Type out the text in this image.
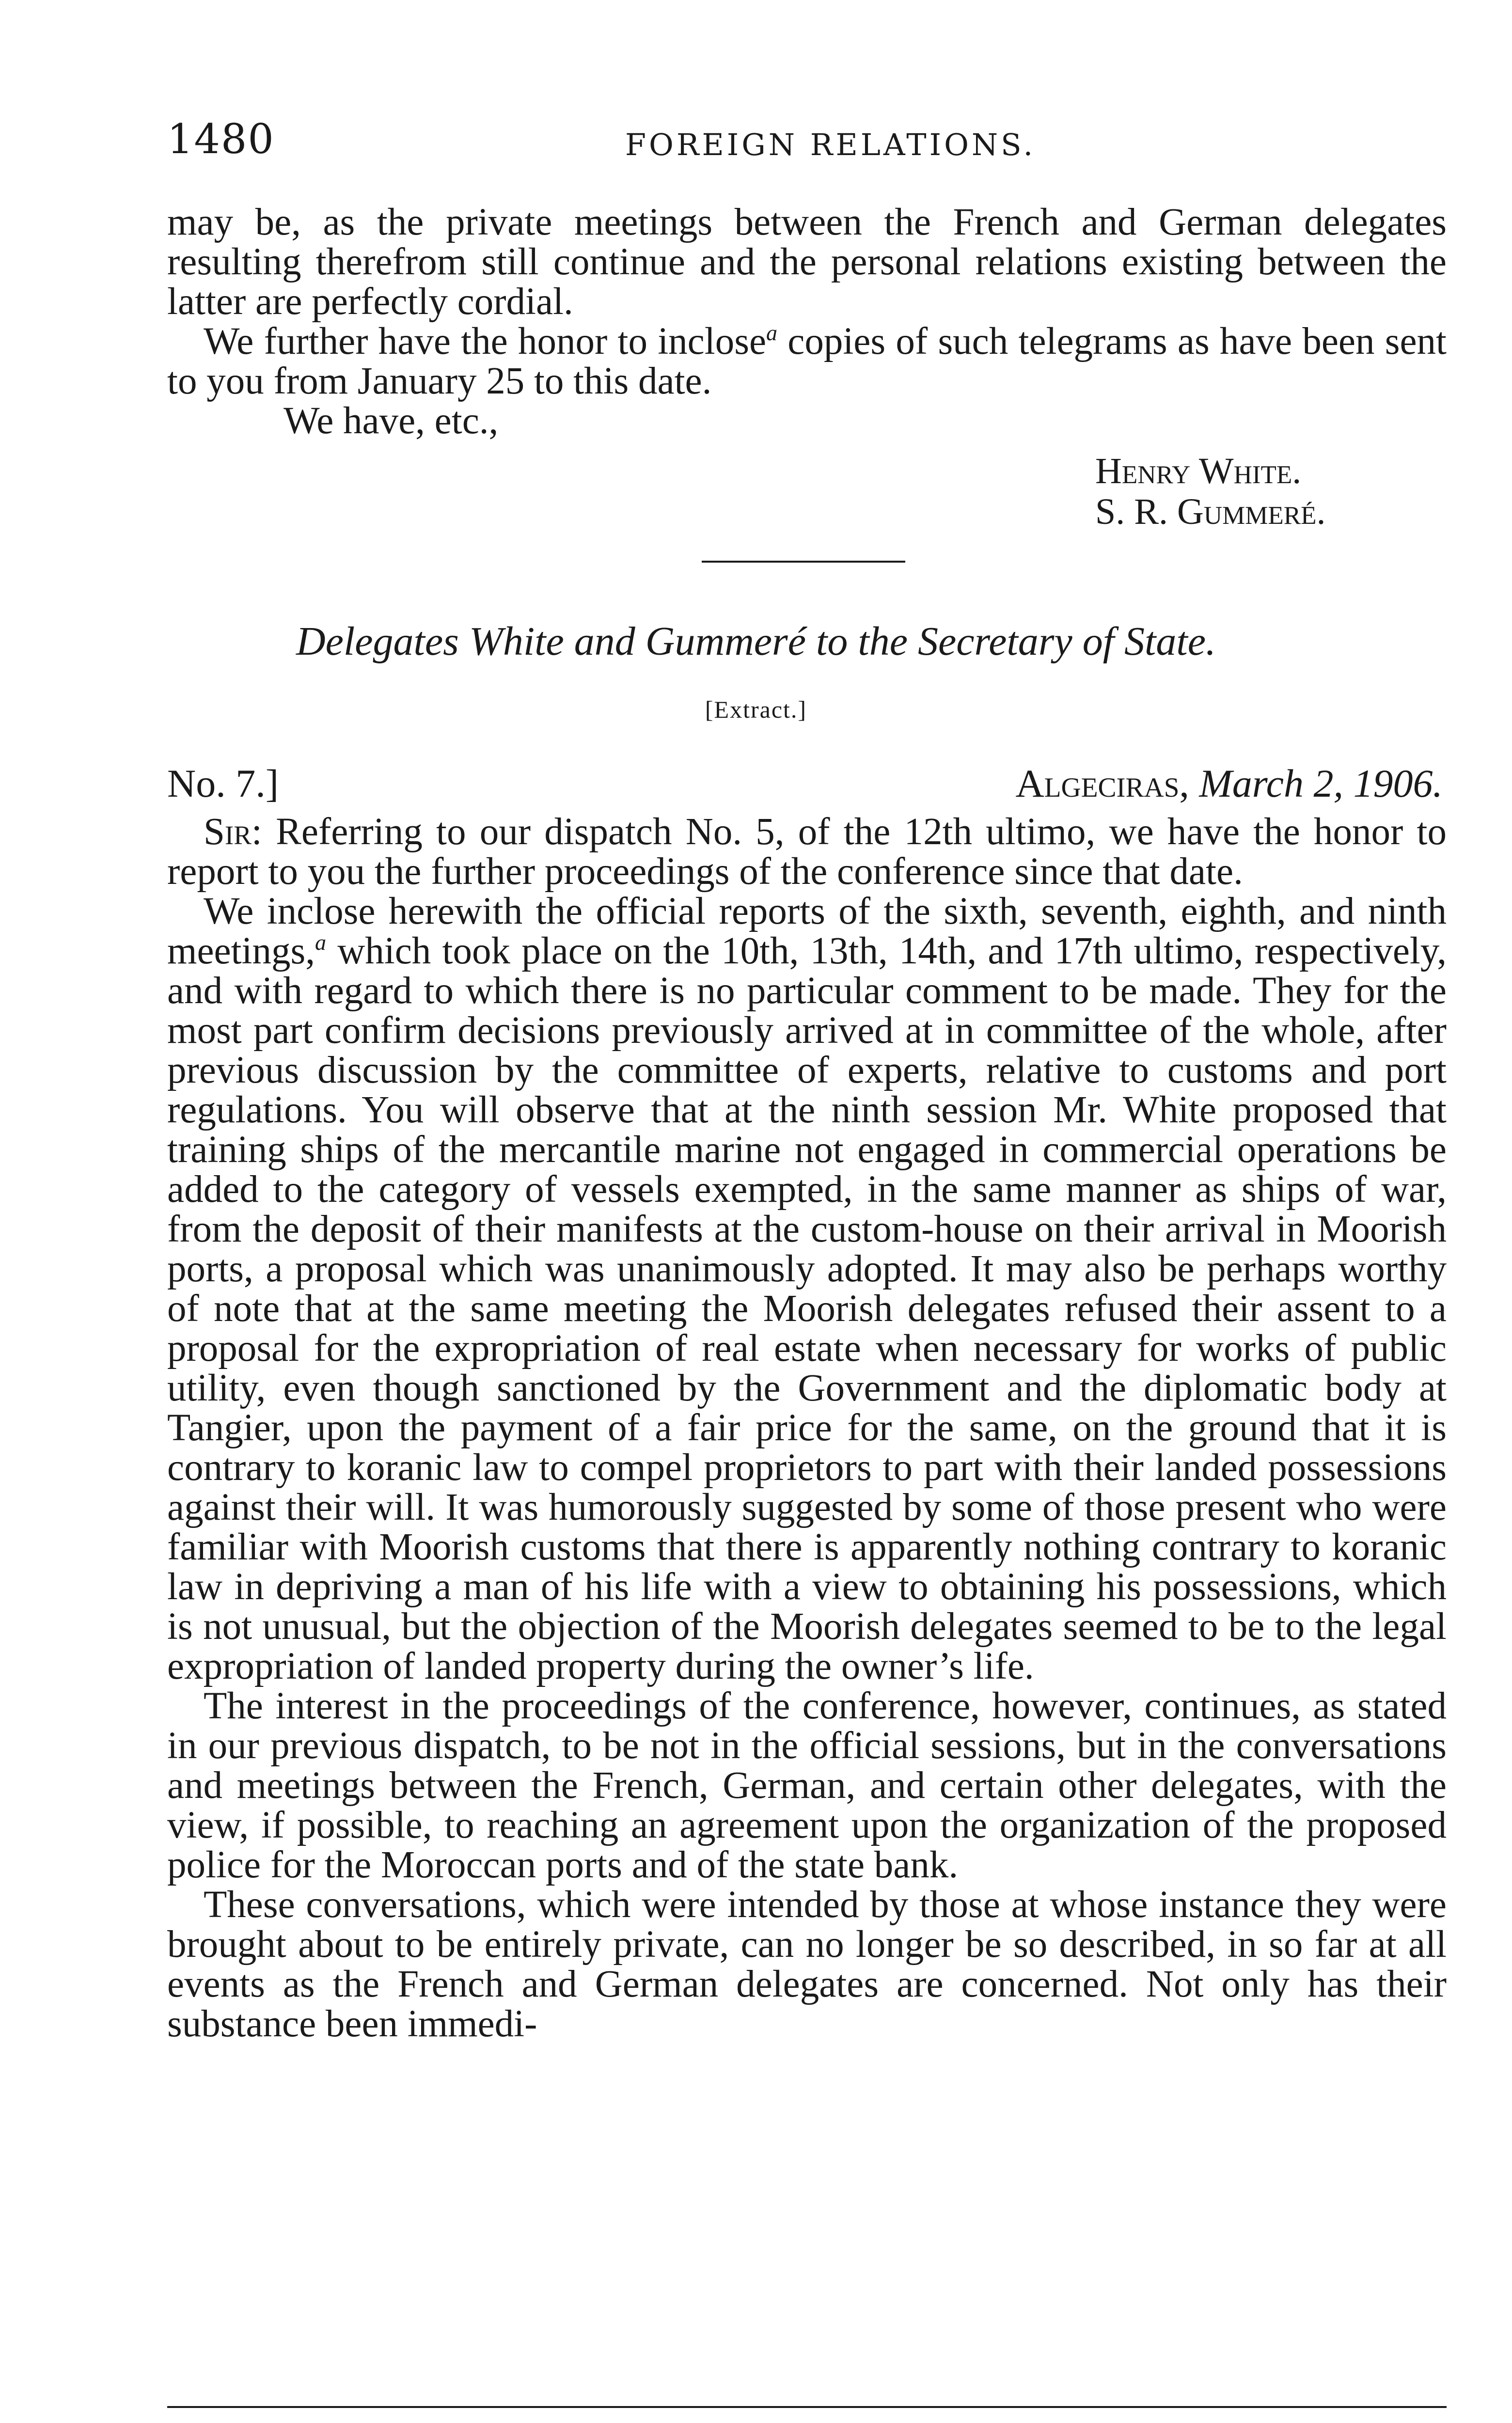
1480	FOREIGN RELATIONS.

may be, as the private meetings between the French and German delegates resulting therefrom still continue and the personal relations existing between the latter are perfectly cordial.

We further have the honor to inclose$^a$ copies of such telegrams as have been sent to you from January 25 to this date.

We have, etc.,

Henry White.
S. R. Gummeré.
Delegates White and Gummeré to the Secretary of State.
[Extract.]
No. 7.]	Algeciras, March 2, 1906.

Sir: Referring to our dispatch No. 5, of the 12th ultimo, we have the honor to report to you the further proceedings of the conference since that date.

We inclose herewith the official reports of the sixth, seventh, eighth, and ninth meetings,$^a$ which took place on the 10th, 13th, 14th, and 17th ultimo, respectively, and with regard to which there is no particular comment to be made. They for the most part confirm decisions previously arrived at in committee of the whole, after previous discussion by the committee of experts, relative to customs and port regulations. You will observe that at the ninth session Mr. White proposed that training ships of the mercantile marine not engaged in commercial operations be added to the category of vessels exempted, in the same manner as ships of war, from the deposit of their manifests at the custom-house on their arrival in Moorish ports, a proposal which was unanimously adopted. It may also be perhaps worthy of note that at the same meeting the Moorish delegates refused their assent to a proposal for the expropriation of real estate when necessary for works of public utility, even though sanctioned by the Government and the diplomatic body at Tangier, upon the payment of a fair price for the same, on the ground that it is contrary to koranic law to compel proprietors to part with their landed possessions against their will. It was humorously suggested by some of those present who were familiar with Moorish customs that there is apparently nothing contrary to koranic law in depriving a man of his life with a view to obtaining his possessions, which is not unusual, but the objection of the Moorish delegates seemed to be to the legal expropriation of landed property during the owner’s life.

The interest in the proceedings of the conference, however, continues, as stated in our previous dispatch, to be not in the official sessions, but in the conversations and meetings between the French, German, and certain other delegates, with the view, if possible, to reaching an agreement upon the organization of the proposed police for the Moroccan ports and of the state bank.

These conversations, which were intended by those at whose instance they were brought about to be entirely private, can no longer be so described, in so far at all events as the French and German delegates are concerned. Not only has their substance been immedi-
